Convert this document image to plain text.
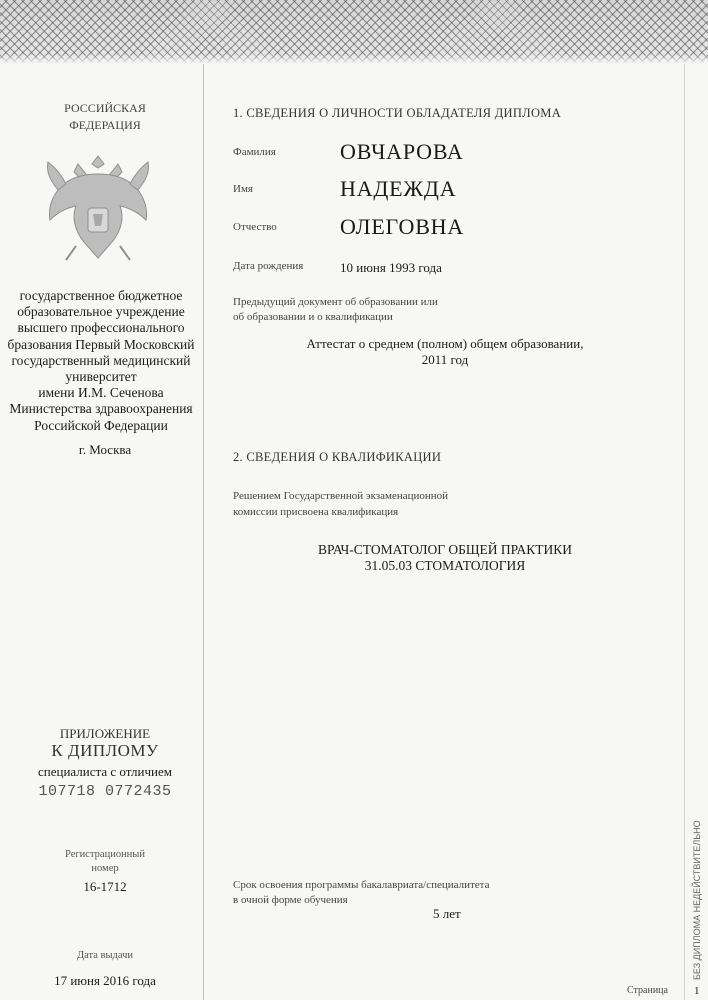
РОССИЙСКАЯ
ФЕДЕРАЦИЯ
государственное бюджетное
образовательное учреждение
высшего профессионального
бразования Первый Московский
государственный медицинский
университет
имени И.М. Сеченова
Министерства здравоохранения
Российской Федерации
г. Москва
ПРИЛОЖЕНИЕ
К ДИПЛОМУ
специалиста с отличием
107718 0772435
Регистрационный
номер
16-1712
Дата выдачи
17 июня 2016 года
1. СВЕДЕНИЯ О ЛИЧНОСТИ ОБЛАДАТЕЛЯ ДИПЛОМА
Фамилия	ОВЧАРОВА
Имя	НАДЕЖДА
Отчество	ОЛЕГОВНА
Дата рождения	10 июня 1993 года
Предыдущий документ об образовании или
об образовании и о квалификации
Аттестат о среднем (полном) общем образовании,
2011 год
2. СВЕДЕНИЯ О КВАЛИФИКАЦИИ
Решением Государственной экзаменационной
комиссии присвоена квалификация
ВРАЧ-СТОМАТОЛОГ ОБЩЕЙ ПРАКТИКИ
31.05.03 СТОМАТОЛОГИЯ
Срок освоения программы бакалавриата/специалитета
в очной форме обучения
5 лет
Страница 1
БЕЗ ДИПЛОМА НЕДЕЙСТВИТЕЛЬНО
